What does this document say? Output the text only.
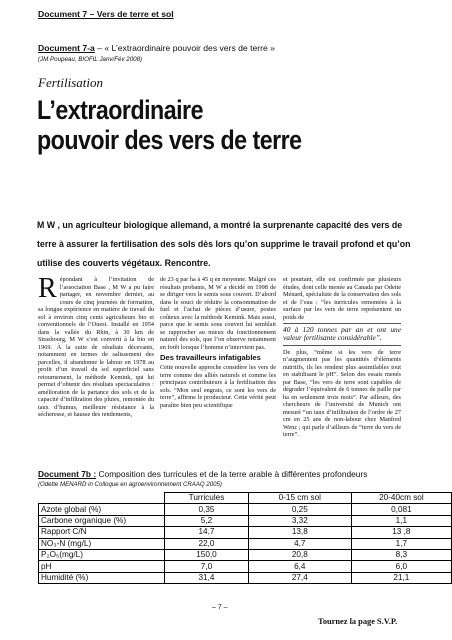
Document 7 – Vers de terre et sol
Document 7-a – « L’extraordinaire pouvoir des vers de terre »
(JM Poupeau, BIOFIL Janv/Fév 2008)
Fertilisation
L’extraordinaire
pouvoir des vers de terre
M W , un agriculteur biologique allemand, a montré la surprenante capacité des vers de terre à assurer la fertilisation des sols dès lors qu’on supprime le travail profond et qu’on utilise des couverts végétaux. Rencontre.
Répondant à l’invitation de l’association Base , M W a pu faire partager, en novembre dernier, au cours de cinq journées de formation, sa longue expérience en matière de travail du sol à environ cinq cents agriculteurs bio et conventionnels de l’Ouest. Installé en 1954 dans la vallée du Rhin, à 30 km de Strasbourg, M W s’est converti à la bio en 1969. À la suite de résultats décevants, notamment en termes de salissement des parcelles, il abandonne le labour en 1978 au profit d’un travail du sol superficiel sans retournement, la méthode Kemink, qui lui permet d’obtenir des résultats spectaculaires : amélioration de la partance des sols et de la capacité d’infiltration des pluies, remontée du taux d’humus, meilleure résistance à la sécheresse, et hausse des rendements,
de 23 q par ha à 45 q en moyenne. Malgré ces résultats probants, M W a décidé en 1998 de se diriger vers le semis sous couvert. D’abord dans le souci de réduire la consommation de fuel et l’achat de pièces d’usure, postes coûteux avec la méthode Kemink. Mais aussi, parce que le semis sous couvert lui semblait se rapprocher au mieux du fonctionnement naturel des sols, que l’on observe notamment en forêt lorsque l’homme n’intervient pas.
Des travailleurs infatigables
Cette nouvelle approche considère les vers de terre comme des alliés naturels et comme les principaux contributeurs à la fertilisation des sols. “Mon seul engrais, ce sont les vers de terre”, affirme le producteur. Cette vérité peut paraître bien peu scientifique
et pourtant, elle est confirmée par plusieurs études, dont celle menée au Canada par Odette Ménard, spécialiste de la conservation des sols et de l’eau : “les turricules remontées à la surface par les vers de terre représentent un poids de
40 à 120 tonnes par an et ont une valeur fertilisante considérable”.
De plus, “même si les vers de terre n’augmentent pas les quantités d’éléments nutritifs, ils les rendent plus assimilables tout en stabilisant le pH”. Selon des essais menés par Base, “les vers de terre sont capables de dégrader l’équivalent de 6 tonnes de paille par ha en seulement trois mois”. Par ailleurs, des chercheurs de l’université de Munich ont mesuré “un taux d’infiltration de l’ordre de 27 cm en 25 ans de non-labour chez Manfred Wenz ; qui parle d’ailleurs de “terre du vers de terre”.
Document 7b : Composition des turricules et de la terre arable à différentes profondeurs
(Odette MENARD in Colloque en agroenvironnement CRAAQ 2005)
	Turricules	0-15 cm sol	20-40cm sol
Azote global (%)	0,35	0,25	0,081
Carbone organique (%)	5,2	3,32	1,1
Rapport C/N	14,7	13,8	13 ,8
NO₃-N (mg/L)	22,0	4,7	1,7
P₂O₅(mg/L)	150,0	20,8	8,3
pH	7,0	6,4	6,0
Humidité (%)	31,4	27,4	21,1
– 7 –
Tournez la page S.V.P.
